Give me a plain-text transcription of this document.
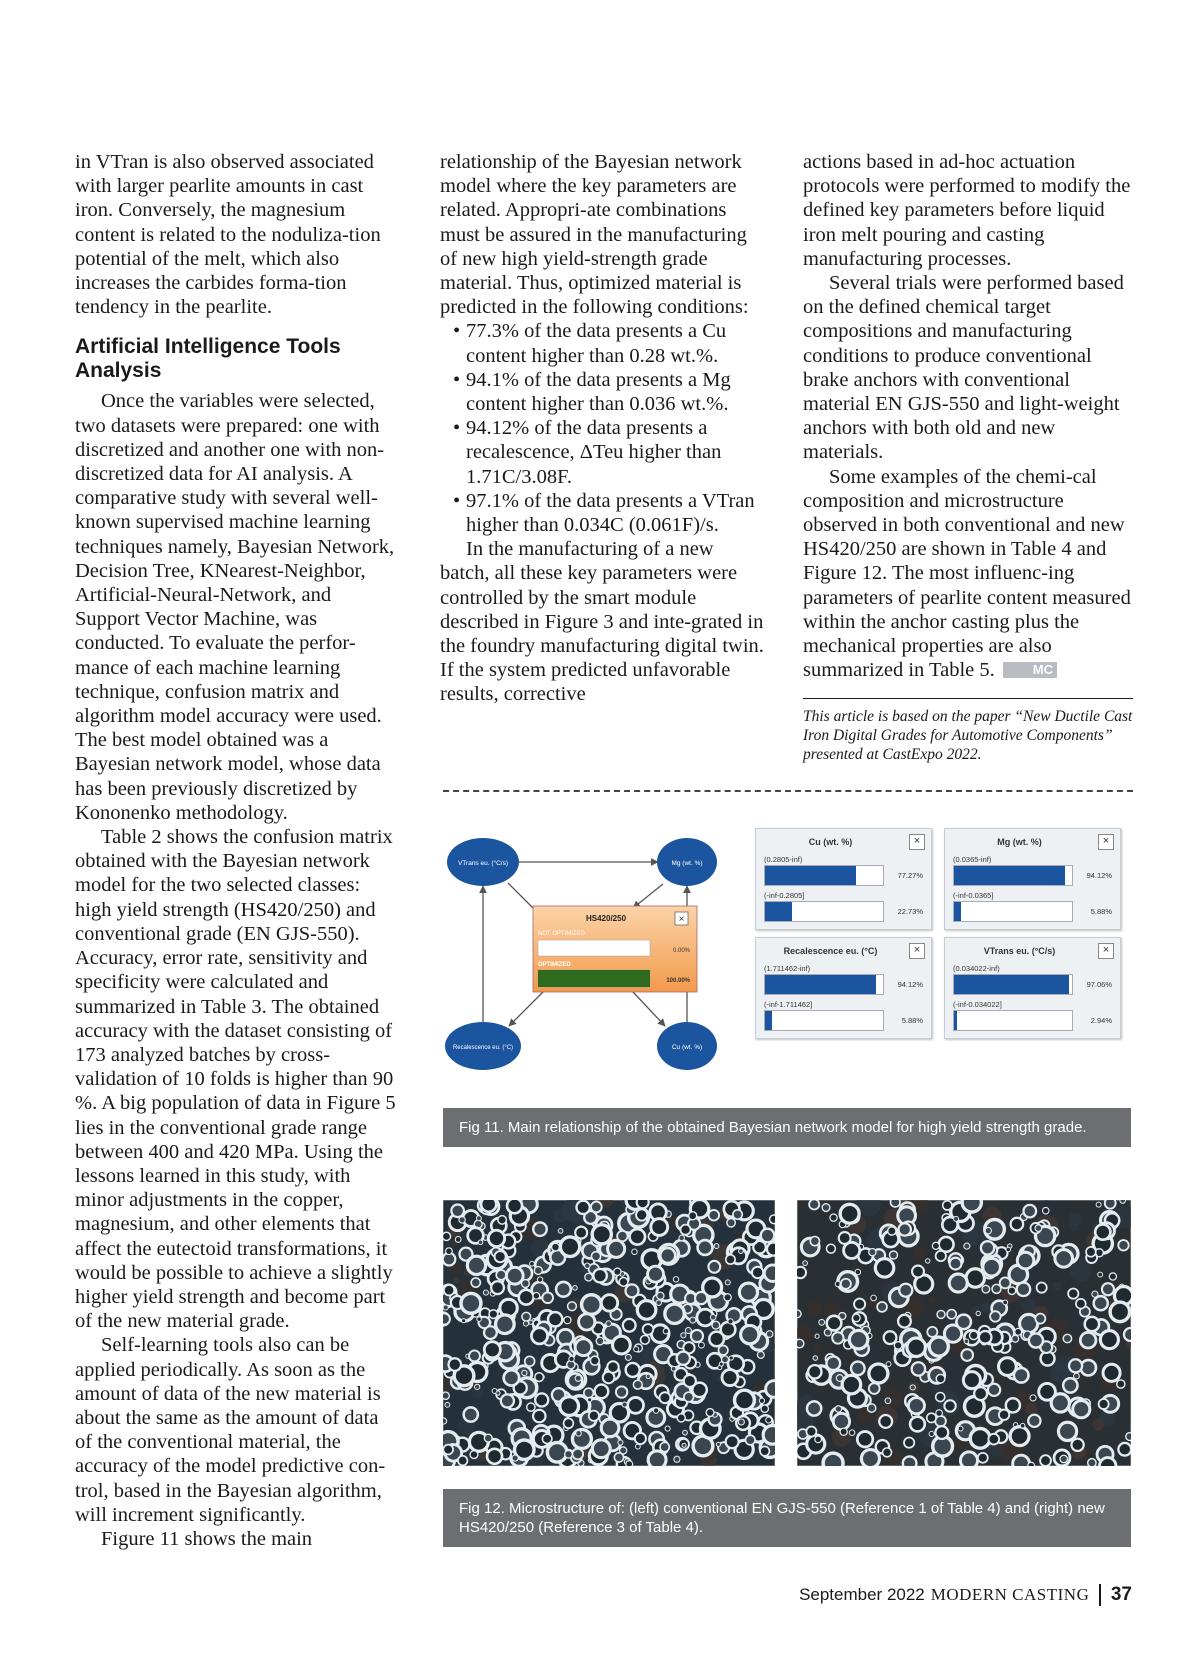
in VTran is also observed associated with larger pearlite amounts in cast iron. Conversely, the magnesium content is related to the noduliza-tion potential of the melt, which also increases the carbides forma-tion tendency in the pearlite.

Artificial Intelligence Tools Analysis

Once the variables were selected, two datasets were prepared: one with discretized and another one with non-discretized data for AI analysis. A comparative study with several well-known supervised machine learning techniques namely, Bayesian Network, Decision Tree, KNearest-Neighbor, Artificial-Neural-Network, and Support Vector Machine, was conducted. To evaluate the perfor-mance of each machine learning technique, confusion matrix and algorithm model accuracy were used. The best model obtained was a Bayesian network model, whose data has been previously discretized by Kononenko methodology.

Table 2 shows the confusion matrix obtained with the Bayesian network model for the two selected classes: high yield strength (HS420/250) and conventional grade (EN GJS-550). Accuracy, error rate, sensitivity and specificity were calculated and summarized in Table 3. The obtained accuracy with the dataset consisting of 173 analyzed batches by cross-validation of 10 folds is higher than 90 %. A big population of data in Figure 5 lies in the conventional grade range between 400 and 420 MPa. Using the lessons learned in this study, with minor adjustments in the copper, magnesium, and other elements that affect the eutectoid transformations, it would be possible to achieve a slightly higher yield strength and become part of the new material grade.

Self-learning tools also can be applied periodically. As soon as the amount of data of the new material is about the same as the amount of data of the conventional material, the accuracy of the model predictive con-trol, based in the Bayesian algorithm, will increment significantly.

Figure 11 shows the main

relationship of the Bayesian network model where the key parameters are related. Appropri-ate combinations must be assured in the manufacturing of new high yield-strength grade material. Thus, optimized material is predicted in the following conditions:

• 77.3% of the data presents a Cu content higher than 0.28 wt.%.
• 94.1% of the data presents a Mg content higher than 0.036 wt.%.
• 94.12% of the data presents a recalescence, ΔTeu higher than 1.71C/3.08F.
• 97.1% of the data presents a VTran higher than 0.034C (0.061F)/s.

In the manufacturing of a new batch, all these key parameters were controlled by the smart module described in Figure 3 and inte-grated in the foundry manufacturing digital twin. If the system predicted unfavorable results, corrective

actions based in ad-hoc actuation protocols were performed to modify the defined key parameters before liquid iron melt pouring and casting manufacturing processes.

Several trials were performed based on the defined chemical target compositions and manufacturing conditions to produce conventional brake anchors with conventional material EN GJS-550 and light-weight anchors with both old and new materials.

Some examples of the chemi-cal composition and microstructure observed in both conventional and new HS420/250 are shown in Table 4 and Figure 12. The most influenc-ing parameters of pearlite content measured within the anchor casting plus the mechanical properties are also summarized in Table 5.	MC

This article is based on the paper “New Ductile Cast Iron Digital Grades for Automotive Components” presented at CastExpo 2022.

VTrans eu. (°C/s)	Mg (wt. %)
Recalescence eu. (°C)	Cu (wt. %)
HS420/250	×
NOT OPTIMIZED
0.00%
OPTIMIZED
100.00%
Cu (wt. %)	×
(0.2805-inf)
77.27%
(-inf-0.2805]
22.73%
Mg (wt. %)	×
(0.0365-inf)
94.12%
(-inf-0.0365]
5.88%
Recalescence eu. (°C)	×
(1.711462-inf)
94.12%
(-inf-1.711462]
5.88%
VTrans eu. (°C/s)	×
(0.034022-inf)
97.06%
(-inf-0.034022]
2.94%
Fig 11. Main relationship of the obtained Bayesian network model for high yield strength grade.
Fig 12. Microstructure of: (left) conventional EN GJS-550 (Reference 1 of Table 4) and (right) new HS420/250 (Reference 3 of Table 4).
September 2022 MODERN CASTING 37
